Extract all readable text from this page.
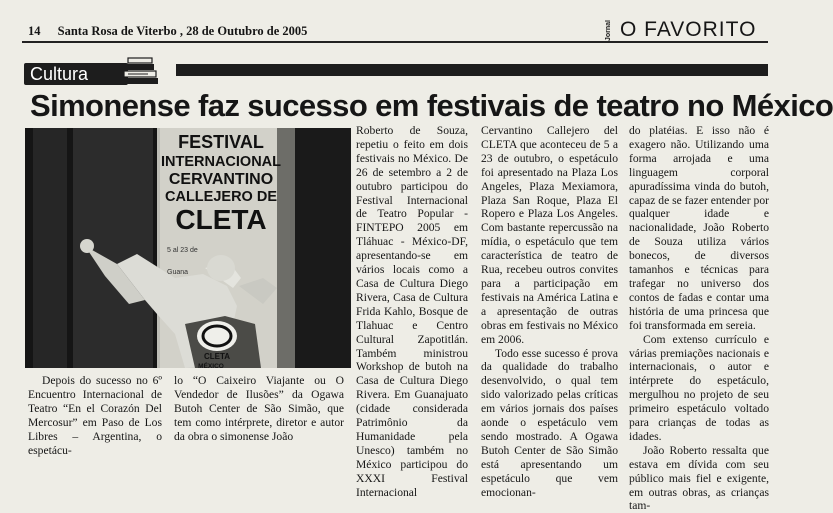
14 Santa Rosa de Viterbo , 28 de Outubro de 2005	Jornal O FAVORITO
Cultura
Simonense faz sucesso em festivais de teatro no México
FESTIVAL
INTERNACIONAL
CERVANTINO
CALLEJERO DE
CLETA
5 al 23 de
Guana
CLETA
MÉXICO

Depois do sucesso no 6º Encuentro Internacional de Teatro “En el Corazón Del Mercosur” em Paso de Los Libres – Argentina, o espetácu-

lo “O Caixeiro Viajante ou O Vendedor de Ilusões” da Ogawa Butoh Center de São Simão, que tem como intérprete, diretor e autor da obra o simonense João

Roberto de Souza, repetiu o feito em dois festivais no México. De 26 de setembro a 2 de outubro participou do Festival Internacional de Teatro Popular - FINTEPO 2005 em Tláhuac - México-DF, apresentando-se em vários locais como a Casa de Cultura Diego Rivera, Casa de Cultura Frida Kahlo, Bosque de Tlahuac e Centro Cultural Zapotitlán. Também ministrou Workshop de butoh na Casa de Cultura Diego Rivera. Em Guanajuato (cidade considerada Patrimônio da Humanidade pela Unesco) também no México participou do XXXI Festival Internacional

Cervantino Callejero del CLETA que aconteceu de 5 a 23 de outubro, o espetáculo foi apresentado na Plaza Los Angeles, Plaza Mexiamora, Plaza San Roque, Plaza El Ropero e Plaza Los Angeles. Com bastante repercussão na mídia, o espetáculo que tem característica de teatro de Rua, recebeu outros convites para a participação em festivais na América Latina e a apresentação de outras obras em festivais no México em 2006.

Todo esse sucesso é prova da qualidade do trabalho desenvolvido, o qual tem sido valorizado pelas críticas em vários jornais dos países aonde o espetáculo vem sendo mostrado. A Ogawa Butoh Center de São Simão está apresentando um espetáculo que vem emocionan-

do platéias. E isso não é exagero não. Utilizando uma forma arrojada e uma linguagem corporal apuradíssima vinda do butoh, capaz de se fazer entender por qualquer idade e nacionalidade, João Roberto de Souza utiliza vários bonecos, de diversos tamanhos e técnicas para trafegar no universo dos contos de fadas e contar uma história de uma princesa que foi transformada em sereia.

Com extenso currículo e várias premiações nacionais e internacionais, o autor e intérprete do espetáculo, mergulhou no projeto de seu primeiro espetáculo voltado para crianças de todas as idades.

João Roberto ressalta que estava em dívida com seu público mais fiel e exigente, em outras obras, as crianças tam-
